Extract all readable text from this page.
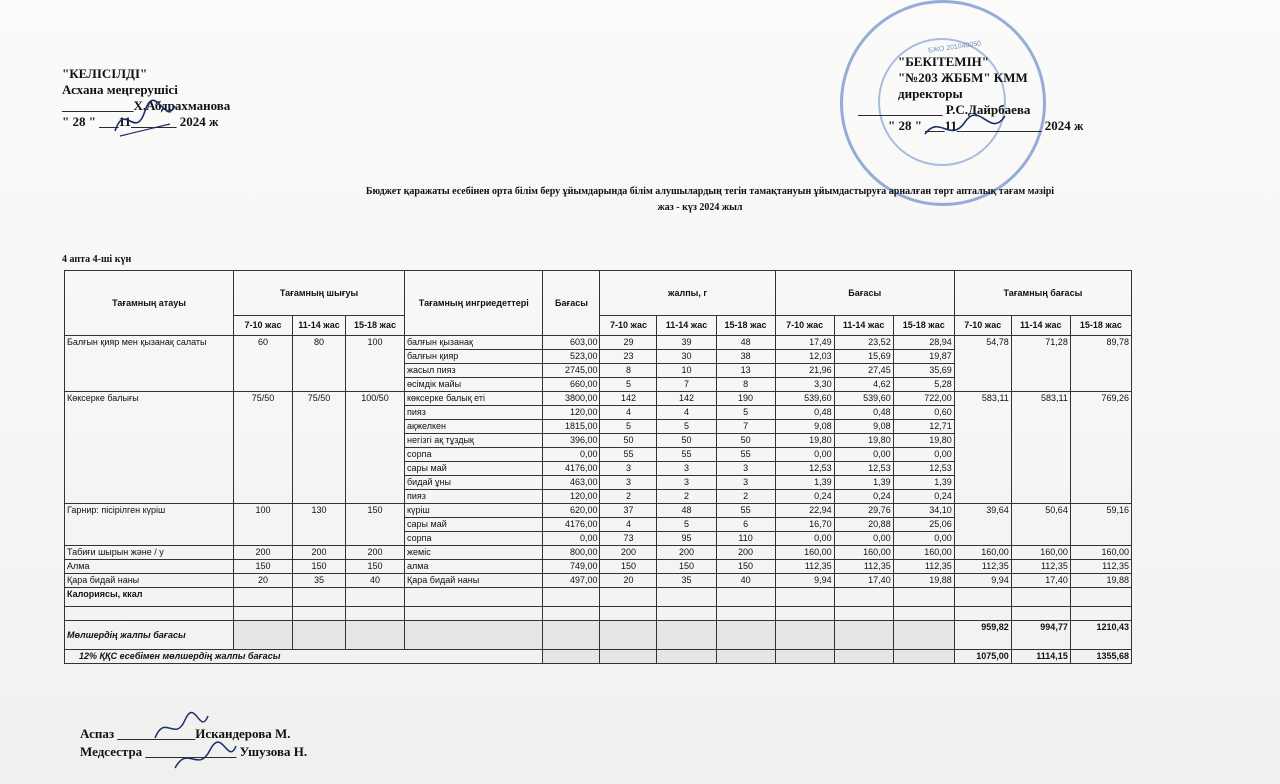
БЖО 201040050
"КЕЛІСІЛДІ"
Асхана меңгерушісі
___________Х.Абдрахманова
" 28 " ___11_______ 2024 ж
"БЕКІТЕМІН"
"№203 ЖББМ" КММ
директоры
_____________ Р.С.Дайрбаева
" 28 " ___11_____________ 2024 ж
Бюджет қаражаты есебінен орта білім беру ұйымдарында білім алушылардың тегін тамақтануын ұйымдастыруға арналған төрт апталық тағам мәзірі
жаз - күз 2024 жыл
4 апта 4-ші күн
Тағамның атауы	Тағамның шығуы			Тағамның ингриедеттері	Бағасы	жалпы, г			Бағасы			Тағамның бағасы		
	7-10 жас	11-14 жас	15-18 жас			7-10 жас	11-14 жас	15-18 жас	7-10 жас	11-14 жас	15-18 жас	7-10 жас	11-14 жас	15-18 жас
Балғын қияр мен қызанақ салаты	60	80	100	балғын қызанақ	603,00	29	39	48	17,49	23,52	28,94	54,78	71,28	89,78
				балғын қияр	523,00	23	30	38	12,03	15,69	19,87			
				жасыл пияз	2745,00	8	10	13	21,96	27,45	35,69			
				өсімдік майы	660,00	5	7	8	3,30	4,62	5,28			
Көксерке балығы	75/50	75/50	100/50	көксерке балық еті	3800,00	142	142	190	539,60	539,60	722,00	583,11	583,11	769,26
				пияз	120,00	4	4	5	0,48	0,48	0,60			
				ақжелкен	1815,00	5	5	7	9,08	9,08	12,71			
				негізгі ақ тұздық	396,00	50	50	50	19,80	19,80	19,80			
				сорпа	0,00	55	55	55	0,00	0,00	0,00			
				сары май	4176,00	3	3	3	12,53	12,53	12,53			
				бидай ұны	463,00	3	3	3	1,39	1,39	1,39			
				пияз	120,00	2	2	2	0,24	0,24	0,24			
Гарнир: пісірілген күріш	100	130	150	күріш	620,00	37	48	55	22,94	29,76	34,10	39,64	50,64	59,16
				сары май	4176,00	4	5	6	16,70	20,88	25,06			
				сорпа	0,00	73	95	110	0,00	0,00	0,00			
Табиғи шырын және / у	200	200	200	жеміс	800,00	200	200	200	160,00	160,00	160,00	160,00	160,00	160,00
Алма	150	150	150	алма	749,00	150	150	150	112,35	112,35	112,35	112,35	112,35	112,35
Қара бидай наны	20	35	40	Қара бидай наны	497,00	20	35	40	9,94	17,40	19,88	9,94	17,40	19,88
Калориясы, ккал														

Мөлшердің жалпы бағасы												959,82	994,77	1210,43
12% ҚҚС есебімен мөлшердің жалпы бағасы												1075,00	1114,15	1355,68
Аспаз ____________Искандерова М.
Медсестра ______________ Ушузова Н.
